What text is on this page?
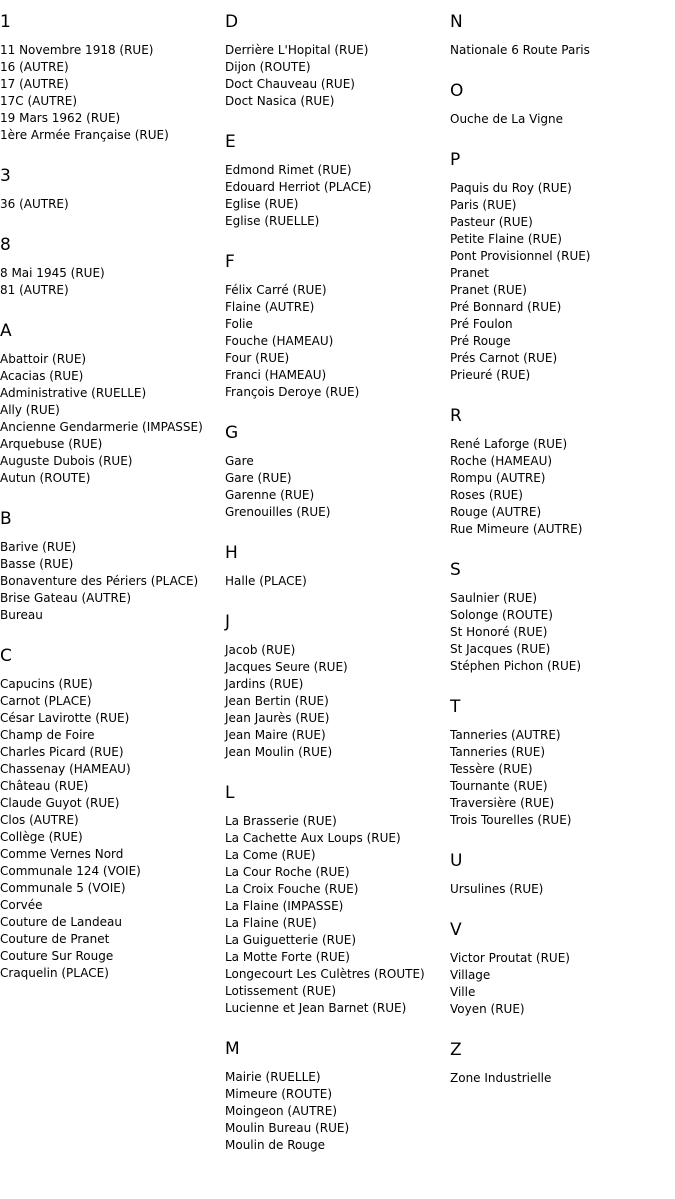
1
11 Novembre 1918 (RUE)
16 (AUTRE)
17 (AUTRE)
17C (AUTRE)
19 Mars 1962 (RUE)
1ère Armée Française (RUE)
3
36 (AUTRE)
8
8 Mai 1945 (RUE)
81 (AUTRE)
A
Abattoir (RUE)
Acacias (RUE)
Administrative (RUELLE)
Ally (RUE)
Ancienne Gendarmerie (IMPASSE)
Arquebuse (RUE)
Auguste Dubois (RUE)
Autun (ROUTE)
B
Barive (RUE)
Basse (RUE)
Bonaventure des Périers (PLACE)
Brise Gateau (AUTRE)
Bureau
C
Capucins (RUE)
Carnot (PLACE)
César Lavirotte (RUE)
Champ de Foire
Charles Picard (RUE)
Chassenay (HAMEAU)
Château (RUE)
Claude Guyot (RUE)
Clos (AUTRE)
Collège (RUE)
Comme Vernes Nord
Communale 124 (VOIE)
Communale 5 (VOIE)
Corvée
Couture de Landeau
Couture de Pranet
Couture Sur Rouge
Craquelin (PLACE)
D
Derrière L'Hopital (RUE)
Dijon (ROUTE)
Doct Chauveau (RUE)
Doct Nasica (RUE)
E
Edmond Rimet (RUE)
Edouard Herriot (PLACE)
Eglise (RUE)
Eglise (RUELLE)
F
Félix Carré (RUE)
Flaine (AUTRE)
Folie
Fouche (HAMEAU)
Four (RUE)
Franci (HAMEAU)
François Deroye (RUE)
G
Gare
Gare (RUE)
Garenne (RUE)
Grenouilles (RUE)
H
Halle (PLACE)
J
Jacob (RUE)
Jacques Seure (RUE)
Jardins (RUE)
Jean Bertin (RUE)
Jean Jaurès (RUE)
Jean Maire (RUE)
Jean Moulin (RUE)
L
La Brasserie (RUE)
La Cachette Aux Loups (RUE)
La Come (RUE)
La Cour Roche (RUE)
La Croix Fouche (RUE)
La Flaine (IMPASSE)
La Flaine (RUE)
La Guiguetterie (RUE)
La Motte Forte (RUE)
Longecourt Les Culètres (ROUTE)
Lotissement (RUE)
Lucienne et Jean Barnet (RUE)
M
Mairie (RUELLE)
Mimeure (ROUTE)
Moingeon (AUTRE)
Moulin Bureau (RUE)
Moulin de Rouge
N
Nationale 6 Route Paris
O
Ouche de La Vigne
P
Paquis du Roy (RUE)
Paris (RUE)
Pasteur (RUE)
Petite Flaine (RUE)
Pont Provisionnel (RUE)
Pranet
Pranet (RUE)
Pré Bonnard (RUE)
Pré Foulon
Pré Rouge
Prés Carnot (RUE)
Prieuré (RUE)
R
René Laforge (RUE)
Roche (HAMEAU)
Rompu (AUTRE)
Roses (RUE)
Rouge (AUTRE)
Rue Mimeure (AUTRE)
S
Saulnier (RUE)
Solonge (ROUTE)
St Honoré (RUE)
St Jacques (RUE)
Stéphen Pichon (RUE)
T
Tanneries (AUTRE)
Tanneries (RUE)
Tessère (RUE)
Tournante (RUE)
Traversière (RUE)
Trois Tourelles (RUE)
U
Ursulines (RUE)
V
Victor Proutat (RUE)
Village
Ville
Voyen (RUE)
Z
Zone Industrielle
